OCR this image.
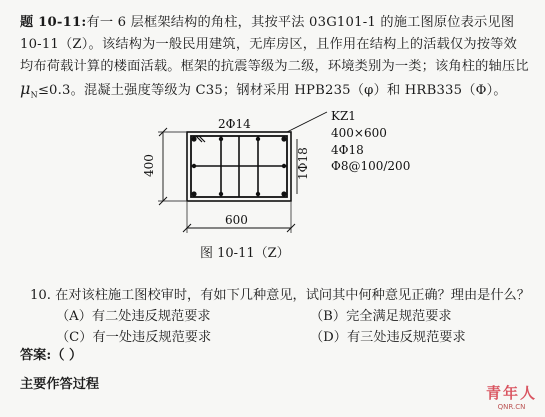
题 10-11:有一 6 层框架结构的角柱，其按平法 03G101-1 的施工图原位表示见图 10-11（Z）。该结构为一般民用建筑，无库房区，且作用在结构上的活载仅为按等效均布荷载计算的楼面活载。框架的抗震等级为二级，环境类别为一类；该角柱的轴压比 $\mu_N\le 0.3$。混凝土强度等级为 C35；钢材采用 HPB235（φ）和 HRB335（Φ）。
400
600
2Φ14
1Φ18
KZ1
400×600
4Φ18
Φ8@100/200
图 10-11（Z）
10. 在对该柱施工图校审时，有如下几种意见，试问其中何种意见正确？理由是什么？
（A）有二处违反规范要求	（B）完全满足规范要求
（C）有一处违反规范要求	（D）有三处违反规范要求
答案:（ ）
主要作答过程	青年人
QNR.CN
